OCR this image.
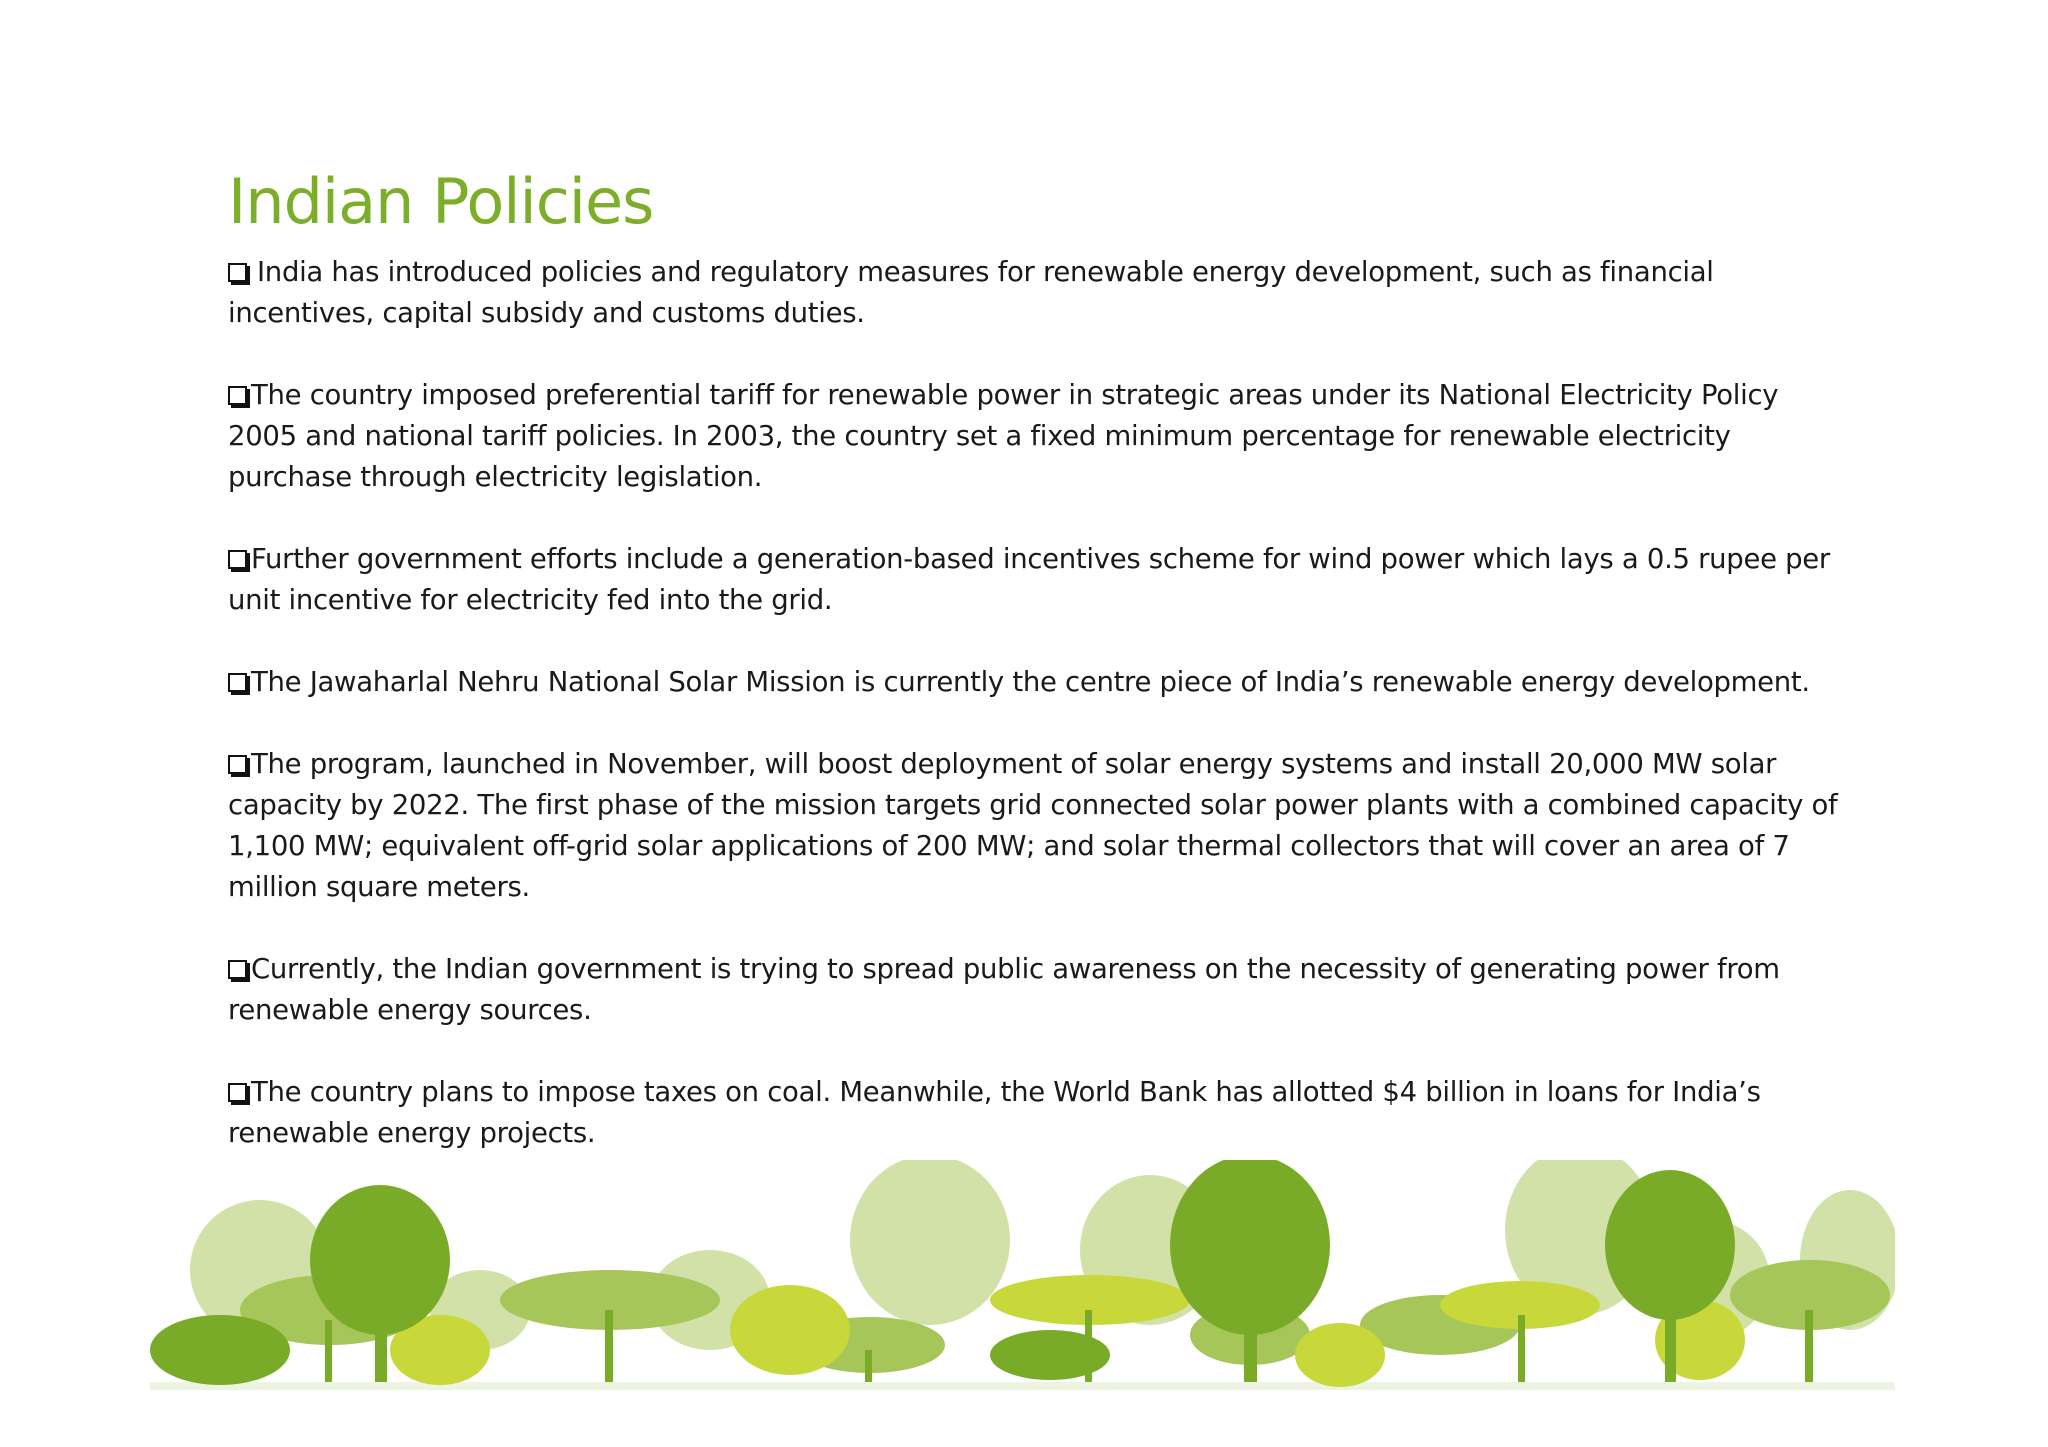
Indian Policies
India has introduced policies and regulatory measures for renewable energy development, such as financial incentives, capital subsidy and customs duties.
The country imposed preferential tariff for renewable power in strategic areas under its National Electricity Policy 2005 and national tariff policies. In 2003, the country set a fixed minimum percentage for renewable electricity purchase through electricity legislation.
Further government efforts include a generation-based incentives scheme for wind power which lays a 0.5 rupee per unit incentive for electricity fed into the grid.
The Jawaharlal Nehru National Solar Mission is currently the centre piece of India’s renewable energy development.
The program, launched in November, will boost deployment of solar energy systems and install 20,000 MW solar capacity by 2022. The first phase of the mission targets grid connected solar power plants with a combined capacity of 1,100 MW; equivalent off-grid solar applications of 200 MW; and solar thermal collectors that will cover an area of 7 million square meters.
Currently, the Indian government is trying to spread public awareness on the necessity of generating power from renewable energy sources.
The country plans to impose taxes on coal. Meanwhile, the World Bank has allotted $4 billion in loans for India’s renewable energy projects.
